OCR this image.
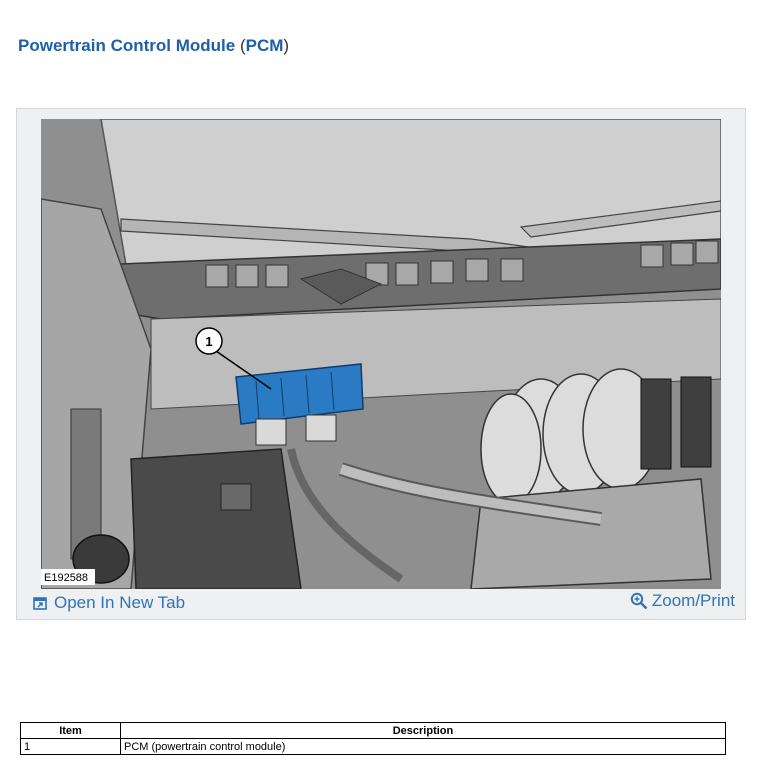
Powertrain Control Module (PCM)
1
E192588
Open In New Tab	Zoom/Print
Item	Description
1	PCM (powertrain control module)
